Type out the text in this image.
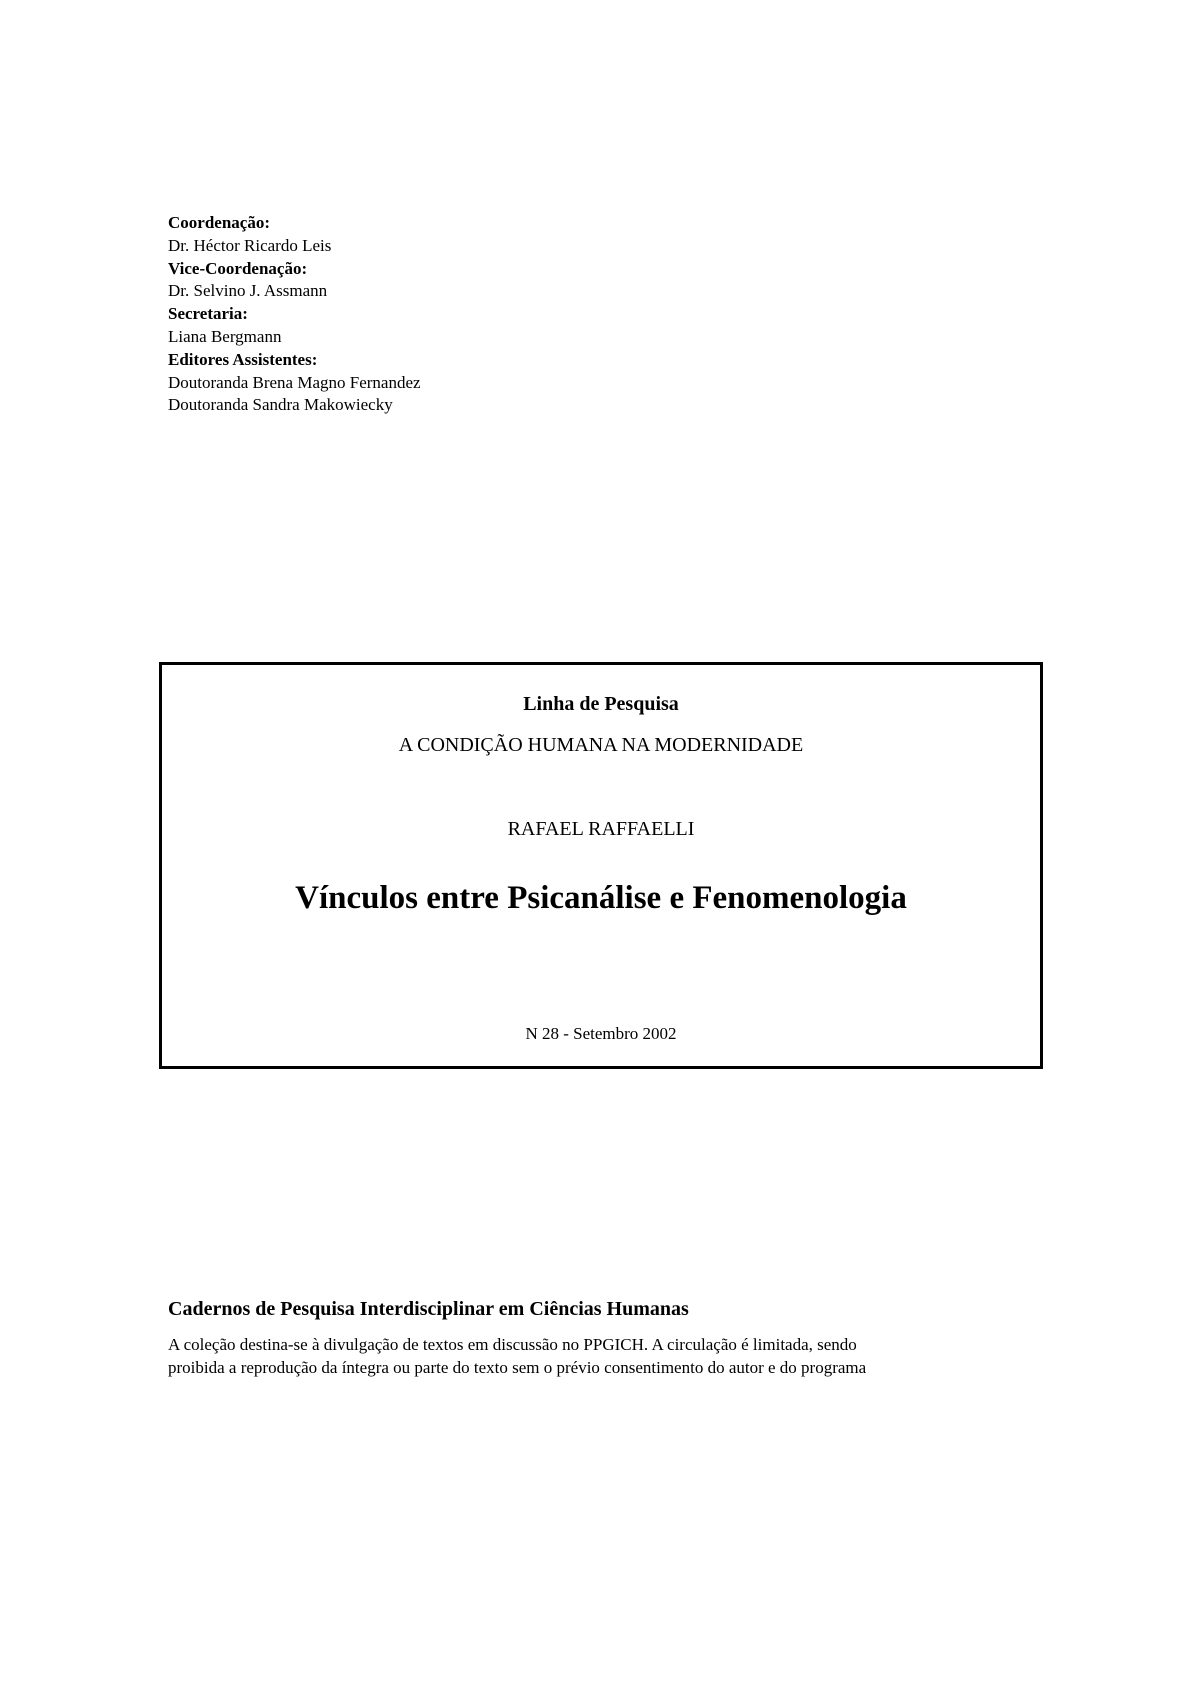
Coordenação:
Dr. Héctor Ricardo Leis
Vice-Coordenação:
Dr. Selvino J. Assmann
Secretaria:
Liana Bergmann
Editores Assistentes:
Doutoranda Brena Magno Fernandez
Doutoranda Sandra Makowiecky
Linha de Pesquisa
A CONDIÇÃO HUMANA NA MODERNIDADE
RAFAEL RAFFAELLI
Vínculos entre Psicanálise e Fenomenologia
N 28 - Setembro 2002
Cadernos de Pesquisa Interdisciplinar em Ciências Humanas

A coleção destina-se à divulgação de textos em discussão no PPGICH. A circulação é limitada, sendo
proibida a reprodução da íntegra ou parte do texto sem o prévio consentimento do autor e do programa
